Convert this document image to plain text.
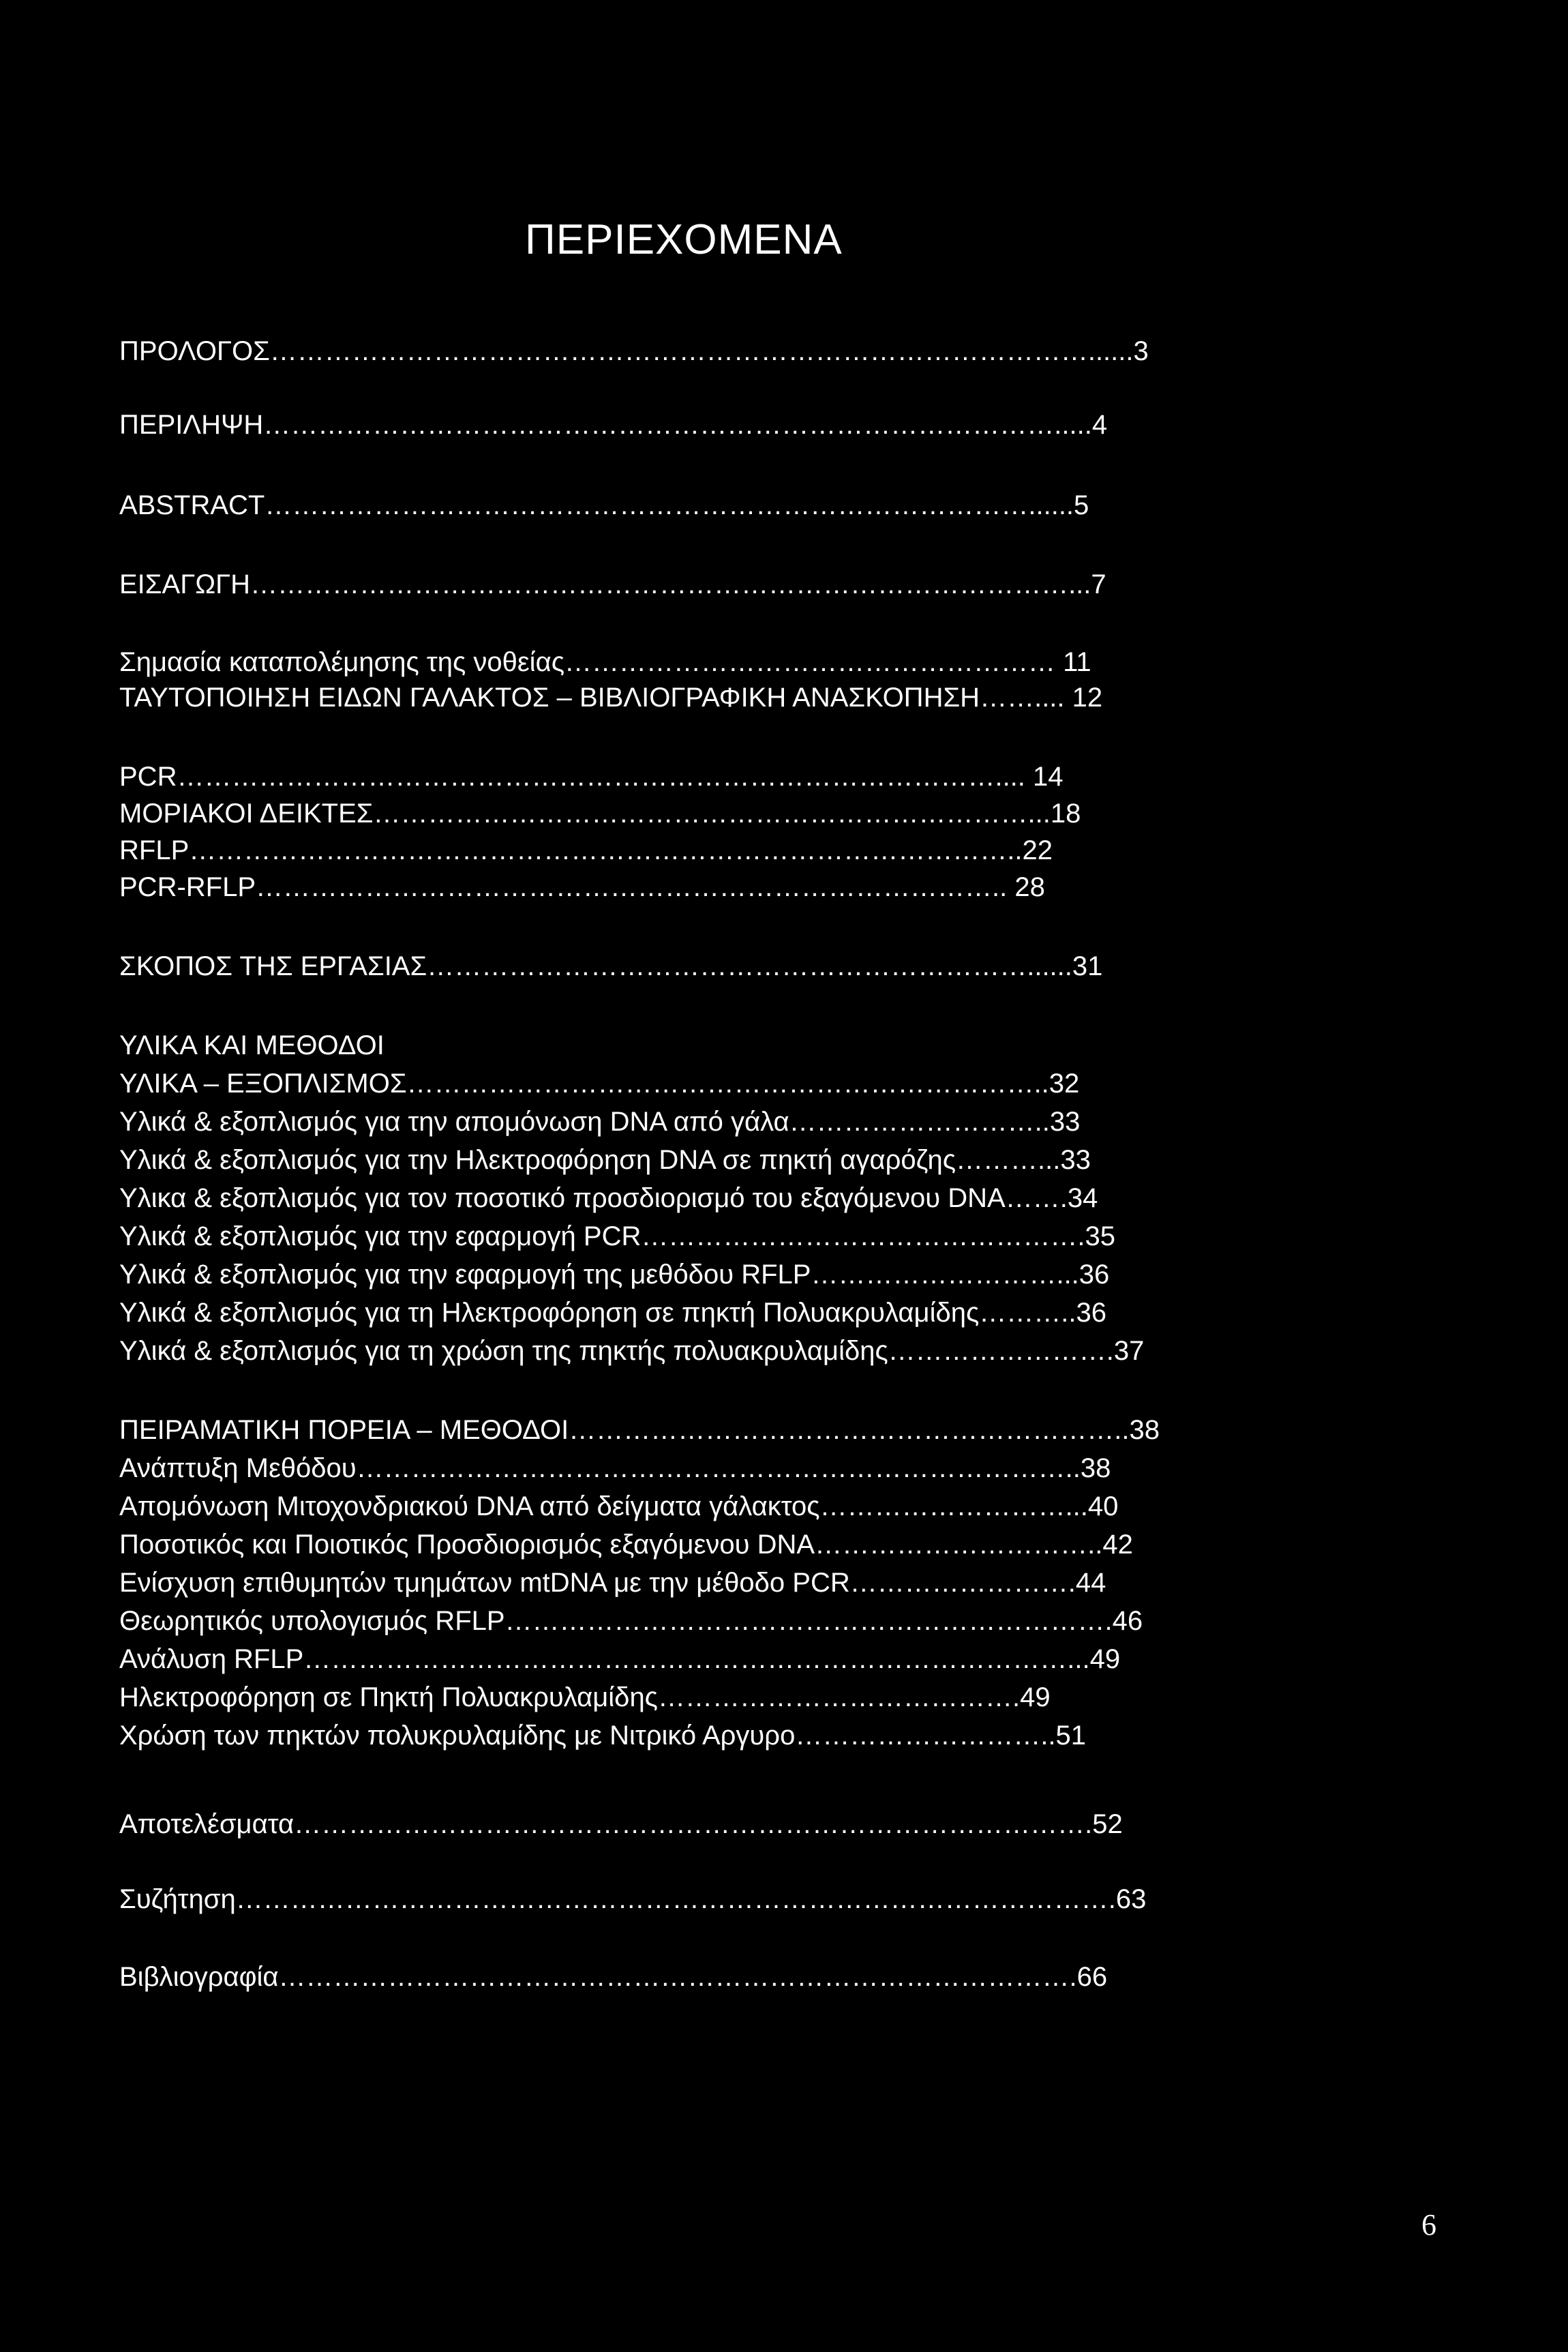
ΠΕΡΙΕΧΟΜΕΝΑ
ΠΡΟΛΟΓΟΣ………………………………………………………………………………......3
ΠΕΡΙΛΗΨΗ…………………………………………………………………………….....4
ABSTRACT…………………………………………………………………………......5
ΕΙΣΑΓΩΓΗ………………………………………………………………………………...7
Σημασία καταπολέμησης της νοθείας……………………………………………… 11
ΤΑΥΤΟΠΟΙΗΣΗ ΕΙΔΩΝ ΓΑΛΑΚΤΟΣ – ΒΙΒΛΙΟΓΡΑΦΙΚΗ ΑΝΑΣΚΟΠΗΣΗ…….... 12
PCR……………………………………………………………………………….... 14
ΜΟΡΙΑΚΟΙ ΔΕΙΚΤΕΣ………………………………………………………………...18
RFLP………………………………………………………………………………..22
PCR-RFLP……………………………………………………………………….. 28
ΣΚΟΠΟΣ ΤΗΣ ΕΡΓΑΣΙΑΣ…………………………………………………………......31
ΥΛΙΚΑ ΚΑΙ ΜΕΘΟΔΟΙ
ΥΛΙΚΑ – ΕΞΟΠΛΙΣΜΟΣ……………………………………………………………..32
Υλικά & εξοπλισμός για την απομόνωση DNA από γάλα………………………..33
Υλικά & εξοπλισμός για την Ηλεκτροφόρηση DNA σε πηκτή αγαρόζης………...33
Υλικα & εξοπλισμός για τον ποσοτικό προσδιορισμό του εξαγόμενου DNA…….34
Υλικά & εξοπλισμός για την εφαρμογή PCR………………………………………….35
Υλικά & εξοπλισμός για την εφαρμογή της μεθόδου RFLP………………………...36
Υλικά & εξοπλισμός για τη Ηλεκτροφόρηση σε πηκτή Πολυακρυλαμίδης………..36
Υλικά & εξοπλισμός για τη χρώση της πηκτής πολυακρυλαμίδης…………………….37
ΠΕΙΡΑΜΑΤΙΚΗ ΠΟΡΕΙΑ – ΜΕΘΟΔΟΙ……………………………………………………..38
Ανάπτυξη Μεθόδου……………………………………………………………………..38
Απομόνωση Μιτοχονδριακού DNA από δείγματα γάλακτος………………………...40
Ποσοτικός και Ποιοτικός Προσδιορισμός εξαγόμενου DNA…………………………..42
Ενίσχυση επιθυμητών τμημάτων mtDNA με την μέθοδο PCR…………………….44
Θεωρητικός υπολογισμός RFLP………………………………………………………….46
Ανάλυση RFLP…………………………………………………………………………...49
Ηλεκτροφόρηση σε Πηκτή Πολυακρυλαμίδης………………………………….49
Χρώση των πηκτών πολυκρυλαμίδης με Νιτρικό Αργυρο………………………..51
Αποτελέσματα…………………………………………………………………………….52
Συζήτηση…………………………………………………………………………………….63
Βιβλιογραφία…………………………………………………………………………….66
6
